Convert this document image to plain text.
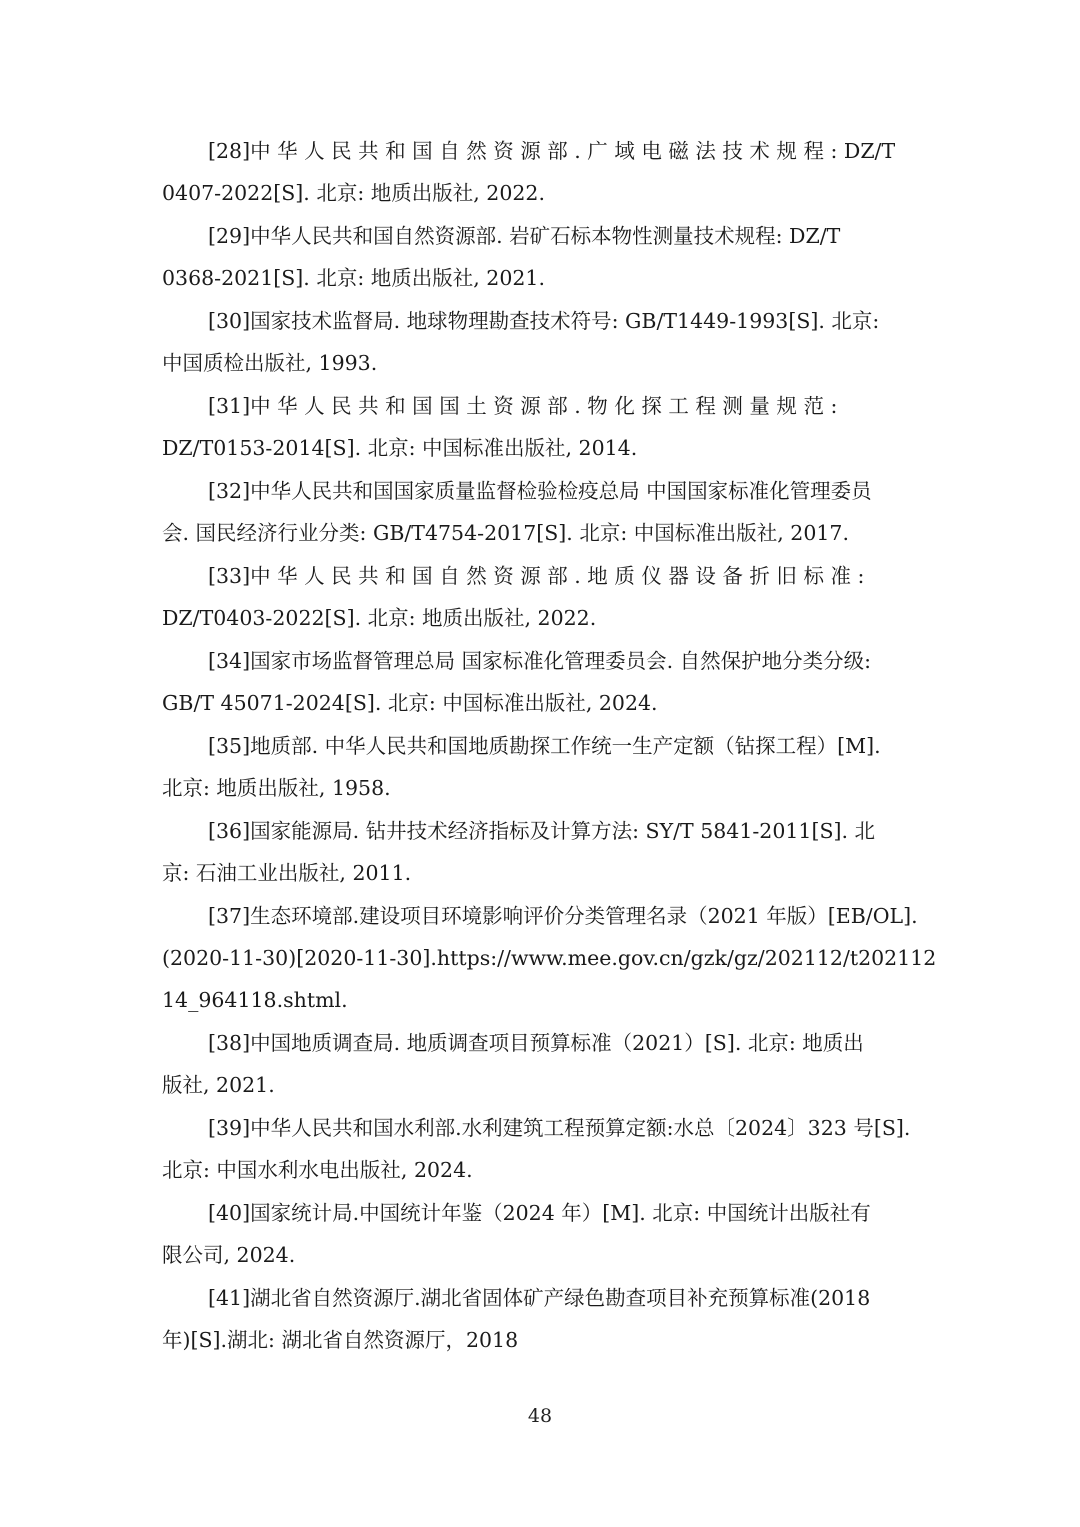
[28]中 华 人 民 共 和 国 自 然 资 源 部 . 广 域 电 磁 法 技 术 规 程 : DZ/T
0407-2022[S]. 北京: 地质出版社, 2022.
[29]中华人民共和国自然资源部. 岩矿石标本物性测量技术规程: DZ/T
0368-2021[S]. 北京: 地质出版社, 2021.
[30]国家技术监督局. 地球物理勘查技术符号: GB/T1449-1993[S]. 北京:
中国质检出版社, 1993.
[31]中 华 人 民 共 和 国 国 土 资 源 部 . 物 化 探 工 程 测 量 规 范 :
DZ/T0153-2014[S]. 北京: 中国标准出版社, 2014.
[32]中华人民共和国国家质量监督检验检疫总局 中国国家标准化管理委员
会. 国民经济行业分类: GB/T4754-2017[S]. 北京: 中国标准出版社, 2017.
[33]中 华 人 民 共 和 国 自 然 资 源 部 . 地 质 仪 器 设 备 折 旧 标 准 :
DZ/T0403-2022[S]. 北京: 地质出版社, 2022.
[34]国家市场监督管理总局 国家标准化管理委员会. 自然保护地分类分级:
GB/T 45071-2024[S]. 北京: 中国标准出版社, 2024.
[35]地质部. 中华人民共和国地质勘探工作统一生产定额（钻探工程）[M].
北京: 地质出版社, 1958.
[36]国家能源局. 钻井技术经济指标及计算方法: SY/T 5841-2011[S]. 北
京: 石油工业出版社, 2011.
[37]生态环境部.建设项目环境影响评价分类管理名录（2021 年版）[EB/OL].
(2020-11-30)[2020-11-30].https://www.mee.gov.cn/gzk/gz/202112/t202112
14_964118.shtml.
[38]中国地质调查局. 地质调查项目预算标准（2021）[S]. 北京: 地质出
版社, 2021.
[39]中华人民共和国水利部.水利建筑工程预算定额:水总〔2024〕323 号[S].
北京: 中国水利水电出版社, 2024.
[40]国家统计局.中国统计年鉴（2024 年）[M]. 北京: 中国统计出版社有
限公司, 2024.
[41]湖北省自然资源厅.湖北省固体矿产绿色勘查项目补充预算标准(2018
年)[S].湖北: 湖北省自然资源厅，2018
48
